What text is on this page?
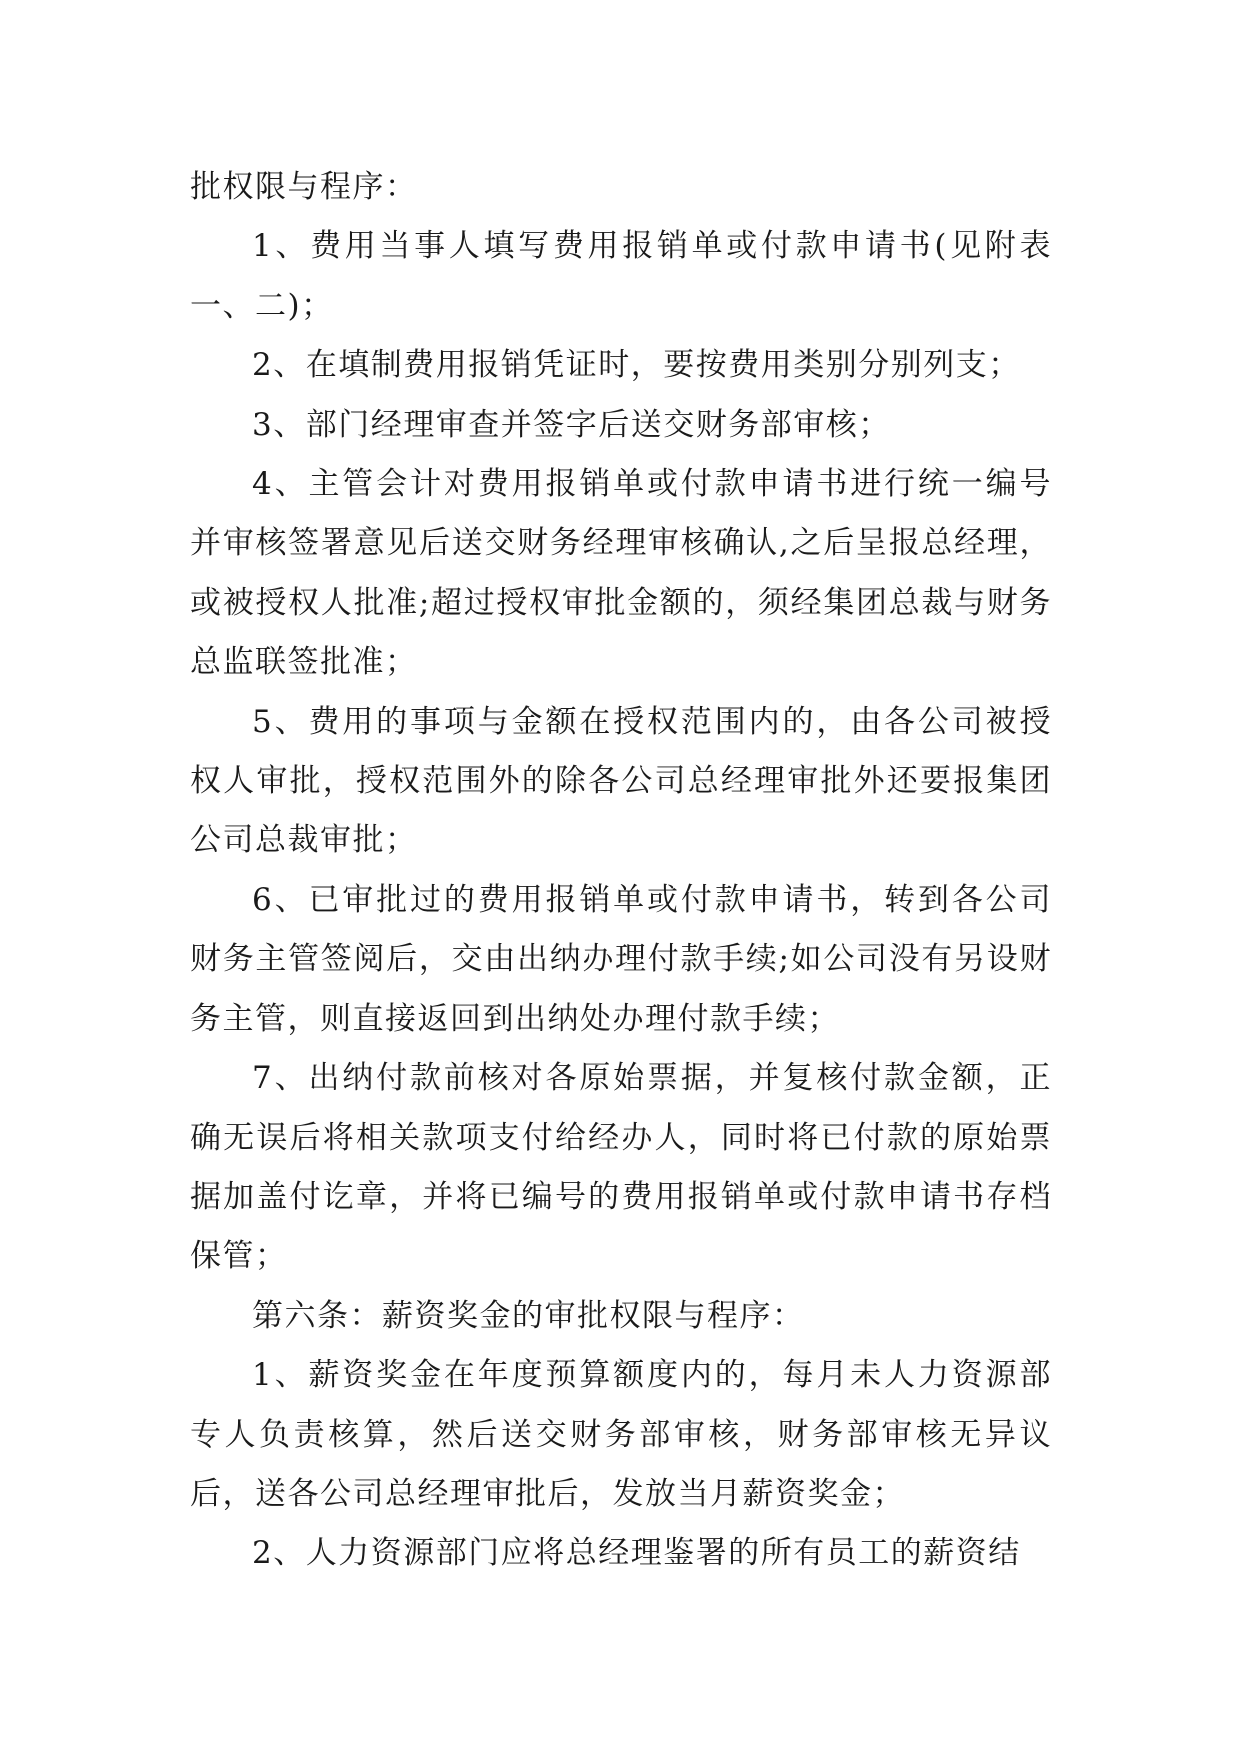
批权限与程序：

1、费用当事人填写费用报销单或付款申请书(见附表一、二)；

2、在填制费用报销凭证时，要按费用类别分别列支；

3、部门经理审查并签字后送交财务部审核；

4、主管会计对费用报销单或付款申请书进行统一编号并审核签署意见后送交财务经理审核确认,之后呈报总经理，或被授权人批准;超过授权审批金额的，须经集团总裁与财务总监联签批准；

5、费用的事项与金额在授权范围内的，由各公司被授权人审批，授权范围外的除各公司总经理审批外还要报集团公司总裁审批；

6、已审批过的费用报销单或付款申请书，转到各公司财务主管签阅后，交由出纳办理付款手续;如公司没有另设财务主管，则直接返回到出纳处办理付款手续；

7、出纳付款前核对各原始票据，并复核付款金额，正确无误后将相关款项支付给经办人，同时将已付款的原始票据加盖付讫章，并将已编号的费用报销单或付款申请书存档保管；

第六条：薪资奖金的审批权限与程序：

1、薪资奖金在年度预算额度内的，每月未人力资源部专人负责核算，然后送交财务部审核，财务部审核无异议后，送各公司总经理审批后，发放当月薪资奖金；

2、人力资源部门应将总经理鉴署的所有员工的薪资结
